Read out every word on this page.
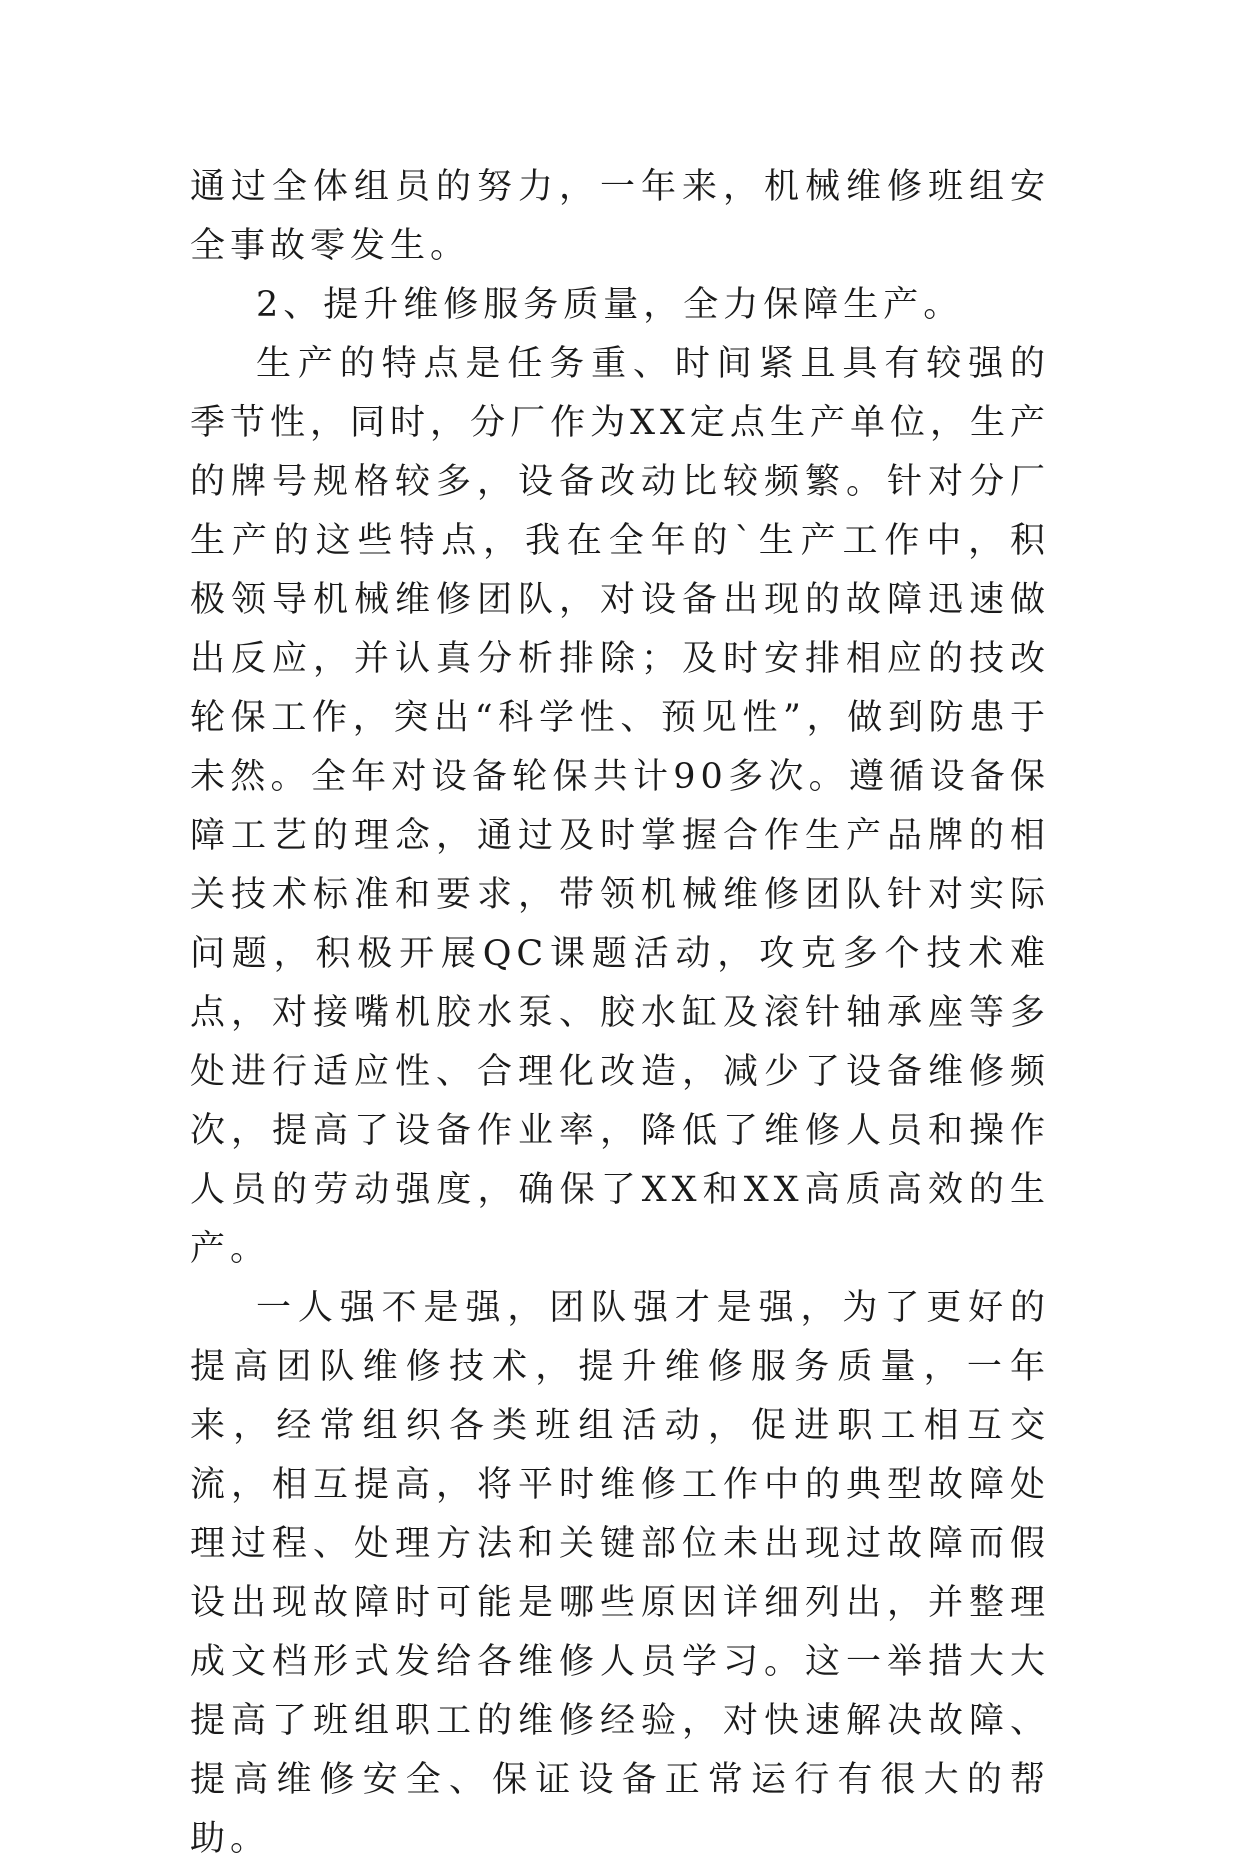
通过全体组员的努力，一年来，机械维修班组安全事故零发生。

2、提升维修服务质量，全力保障生产。

生产的特点是任务重、时间紧且具有较强的季节性，同时，分厂作为XX定点生产单位，生产的牌号规格较多，设备改动比较频繁。针对分厂生产的这些特点，我在全年的`生产工作中，积极领导机械维修团队，对设备出现的故障迅速做出反应，并认真分析排除；及时安排相应的技改轮保工作，突出“科学性、预见性”，做到防患于未然。全年对设备轮保共计90多次。遵循设备保障工艺的理念，通过及时掌握合作生产品牌的相关技术标准和要求，带领机械维修团队针对实际问题，积极开展QC课题活动，攻克多个技术难点，对接嘴机胶水泵、胶水缸及滚针轴承座等多处进行适应性、合理化改造，减少了设备维修频次，提高了设备作业率，降低了维修人员和操作人员的劳动强度，确保了XX和XX高质高效的生产。

一人强不是强，团队强才是强，为了更好的提高团队维修技术，提升维修服务质量，一年来，经常组织各类班组活动，促进职工相互交流，相互提高，将平时维修工作中的典型故障处理过程、处理方法和关键部位未出现过故障而假设出现故障时可能是哪些原因详细列出，并整理成文档形式发给各维修人员学习。这一举措大大提高了班组职工的维修经验，对快速解决故障、提高维修安全、保证设备正常运行有很大的帮助。
